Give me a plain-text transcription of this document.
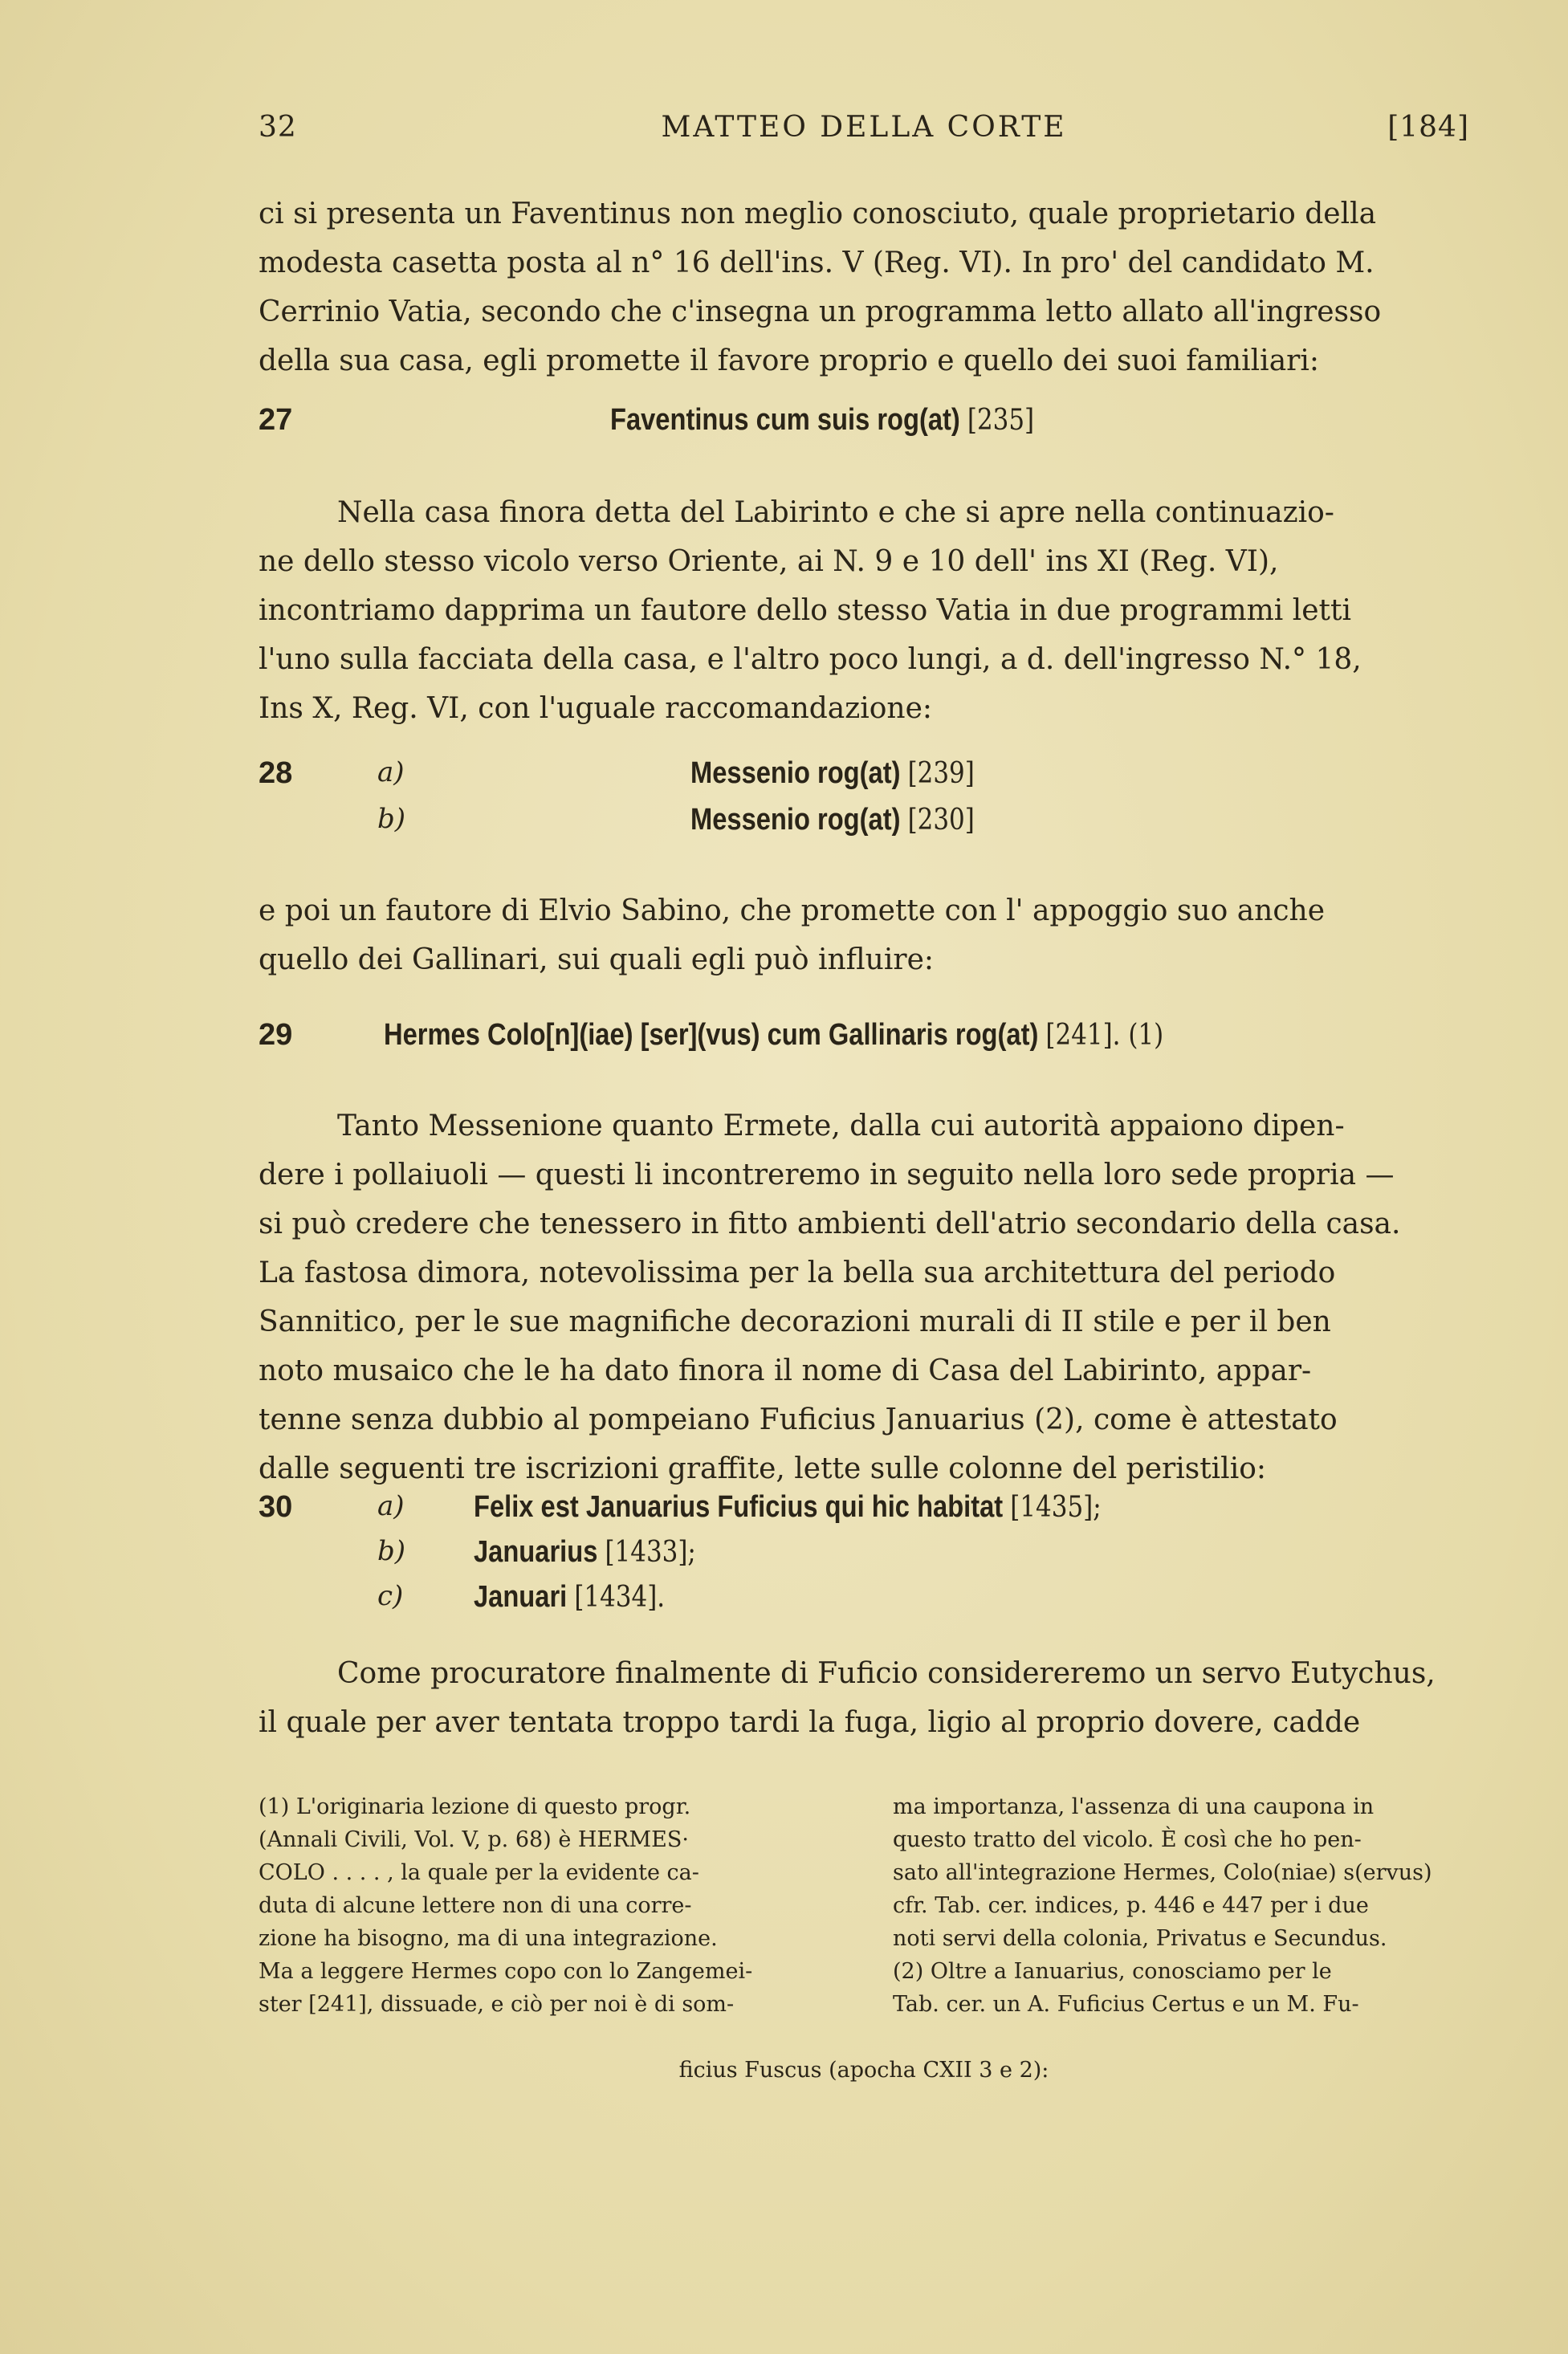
32	MATTEO DELLA CORTE	[184]

ci si presenta un Faventinus non meglio conosciuto, quale proprietario della

modesta casetta posta al n° 16 dell'ins. V (Reg. VI). In pro' del candidato M.

Cerrinio Vatia, secondo che c'insegna un programma letto allato all'ingresso

della sua casa, egli promette il favore proprio e quello dei suoi familiari:

27	Faventinus cum suis rog(at) [235]

Nella casa finora detta del Labirinto e che si apre nella continuazio-

ne dello stesso vicolo verso Oriente, ai N. 9 e 10 dell' ins XI (Reg. VI),

incontriamo dapprima un fautore dello stesso Vatia in due programmi letti

l'uno sulla facciata della casa, e l'altro poco lungi, a d. dell'ingresso N.° 18,

Ins X, Reg. VI, con l'uguale raccomandazione:

28	a)	Messenio rog(at) [239]
b)	Messenio rog(at) [230]

e poi un fautore di Elvio Sabino, che promette con l' appoggio suo anche

quello dei Gallinari, sui quali egli può influire:

29	Hermes Colo[n](iae) [ser](vus) cum Gallinaris rog(at) [241]. (1)

Tanto Messenione quanto Ermete, dalla cui autorità appaiono dipen-

dere i pollaiuoli — questi li incontreremo in seguito nella loro sede propria —

si può credere che tenessero in fitto ambienti dell'atrio secondario della casa.

La fastosa dimora, notevolissima per la bella sua architettura del periodo

Sannitico, per le sue magnifiche decorazioni murali di II stile e per il ben

noto musaico che le ha dato finora il nome di Casa del Labirinto, appar-

tenne senza dubbio al pompeiano Fuficius Januarius (2), come è attestato

dalle seguenti tre iscrizioni graffite, lette sulle colonne del peristilio:

30	a) Felix est Januarius Fuficius qui hic habitat [1435];
b) Januarius [1433];
c) Januari [1434].

Come procuratore finalmente di Fuficio considereremo un servo Eutychus,

il quale per aver tentata troppo tardi la fuga, ligio al proprio dovere, cadde

(1) L'originaria lezione di questo progr.
(Annali Civili, Vol. V, p. 68) è HERMES·
COLO . . . . , la quale per la evidente ca-
duta di alcune lettere non di una corre-
zione ha bisogno, ma di una integrazione.
Ma a leggere Hermes copo con lo Zangemei-
ster [241], dissuade, e ciò per noi è di som-
ma importanza, l'assenza di una caupona in
questo tratto del vicolo. È così che ho pen-
sato all'integrazione Hermes, Colo(niae) s(ervus)
cfr. Tab. cer. indices, p. 446 e 447 per i due
noti servi della colonia, Privatus e Secundus.
(2) Oltre a Ianuarius, conosciamo per le
Tab. cer. un A. Fuficius Certus e un M. Fu-
ficius Fuscus (apocha CXII 3 e 2):
